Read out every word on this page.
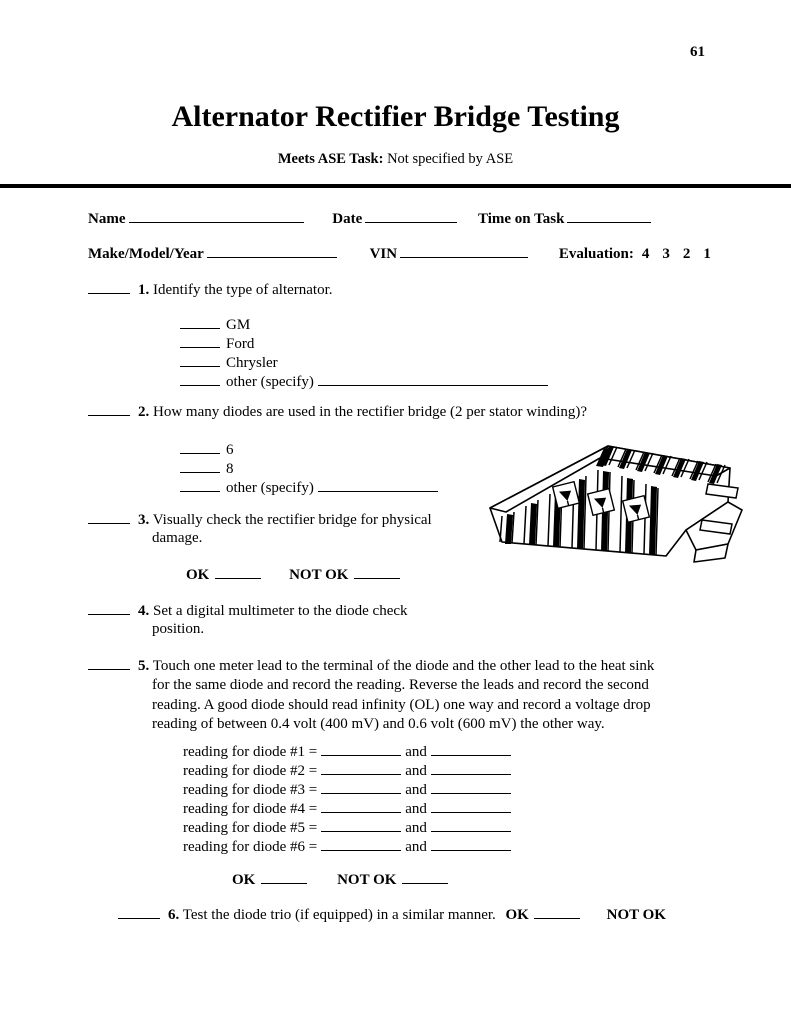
61
Alternator Rectifier Bridge Testing
Meets ASE Task: Not specified by ASE
Name	Date	Time on Task
Make/Model/Year	VIN	Evaluation: 4 3 2 1
1. Identify the type of alternator.
GM
Ford
Chrysler
other (specify)
2. How many diodes are used in the rectifier bridge (2 per stator winding)?
6
8
other (specify)
3. Visually check the rectifier bridge for physical
damage.
OK	NOT OK
4. Set a digital multimeter to the diode check
position.
5. Touch one meter lead to the terminal of the diode and the other lead to the heat sink
for the same diode and record the reading. Reverse the leads and record the second
reading. A good diode should read infinity (OL) one way and record a voltage drop
reading of between 0.4 volt (400 mV) and 0.6 volt (600 mV) the other way.
reading for diode #1 =	and
reading for diode #2 =	and
reading for diode #3 =	and
reading for diode #4 =	and
reading for diode #5 =	and
reading for diode #6 =	and
OK	NOT OK
6. Test the diode trio (if equipped) in a similar manner. OK	NOT OK
